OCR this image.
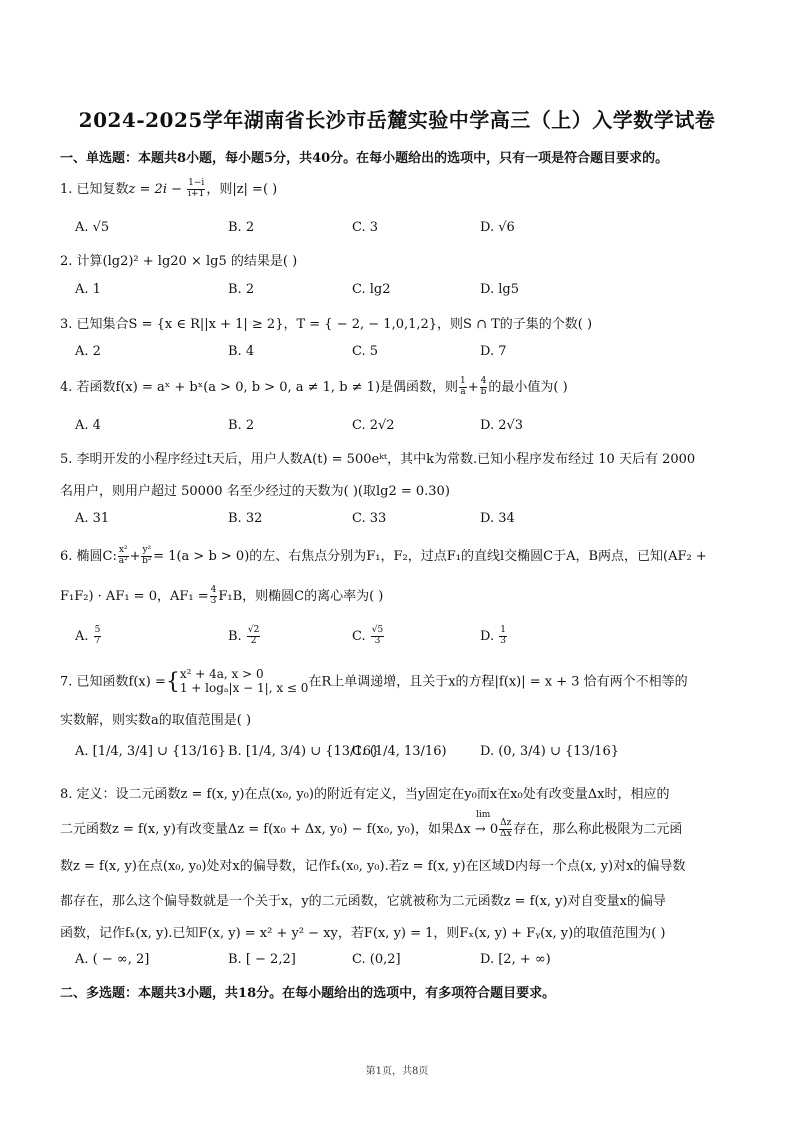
2024-2025学年湖南省长沙市岳麓实验中学高三（上）入学数学试卷
一、单选题：本题共8小题，每小题5分，共40分。在每小题给出的选项中，只有一项是符合题目要求的。
1. 已知复数$z = 2i - \frac{1-i}{i+1}$ ，则|z| =( )
A. √5	B. 2	C. 3	D. √6
2. 计算(lg2)² + lg20 × lg5 的结果是( )
A. 1	B. 2	C. lg2	D. lg5
3. 已知集合S = {x ∈ R||x + 1| ≥ 2}，T = { − 2, − 1,0,1,2}，则S ∩ T的子集的个数( )
A. 2	B. 4	C. 5	D. 7
4. 若函数f(x) = aˣ + bˣ(a > 0, b > 0, a ≠ 1, b ≠ 1)是偶函数，则 $\frac{1}{a} + \frac{4}{b}$ 的最小值为( )
A. 4	B. 2	C. 2√2	D. 2√3
5. 李明开发的小程序经过t天后，用户人数A(t) = 500eᵏᵗ，其中k为常数.已知小程序发布经过 10 天后有 2000
名用户，则用户超过 50000 名至少经过的天数为( )(取lg2 = 0.30)
A. 31	B. 32	C. 33	D. 34
6. 椭圆C: $\frac{\text{x²}}{\text{a²}} + \frac{\text{y²}}{\text{b²}} = 1(a > b > 0)$的左、右焦点分别为F₁，F₂，过点F₁的直线l交椭圆C于A，B两点，已知(AF₂ +
F₁F₂) · AF₁ = 0，$AF_1 = \frac{4}{3} F_1B$，则椭圆C的离心率为( )
A. $\frac{5}{7}$	B. $\frac{√2}{2}$	C. $\frac{√5}{3}$	D. $\frac{1}{3}$
7. 已知函数f(x) ={ x² + 4a, x > 0
1 + logₐ|x − 1|, x ≤ 0 在R上单调递增，且关于x的方程|f(x)| = x + 3 恰有两个不相等的
实数解，则实数a的取值范围是( )
A. [1/4, 3/4] ∪ {13/16} B. [1/4, 3/4) ∪ {13/16}
C. (1/4, 13/16)	D. (0, 3/4) ∪ {13/16}
8. 定义：设二元函数z = f(x, y)在点(x₀, y₀)的附近有定义，当y固定在y₀而x在x₀处有改变量Δx时，相应的
二元函数z = f(x, y)有改变量Δz = f(x₀ + Δx, y₀) − f(x₀, y₀)，如果
lim
$\Delta x \to 0 \frac{\Delta z}{\Delta x}$ 存在，那么称此极限为二元函
数z = f(x, y)在点(x₀, y₀)处对x的偏导数，记作fₓ(x₀, y₀).若z = f(x, y)在区域D内每一个点(x, y)对x的偏导数
都存在，那么这个偏导数就是一个关于x，y的二元函数，它就被称为二元函数z = f(x, y)对自变量x的偏导
函数，记作fₓ(x, y).已知F(x, y) = x² + y² − xy，若F(x, y) = 1，则Fₓ(x, y) + Fᵧ(x, y)的取值范围为( )
A. ( − ∞, 2]	B. [ − 2,2]	C. (0,2]	D. [2, + ∞)
二、多选题：本题共3小题，共18分。在每小题给出的选项中，有多项符合题目要求。
第1页，共8页
